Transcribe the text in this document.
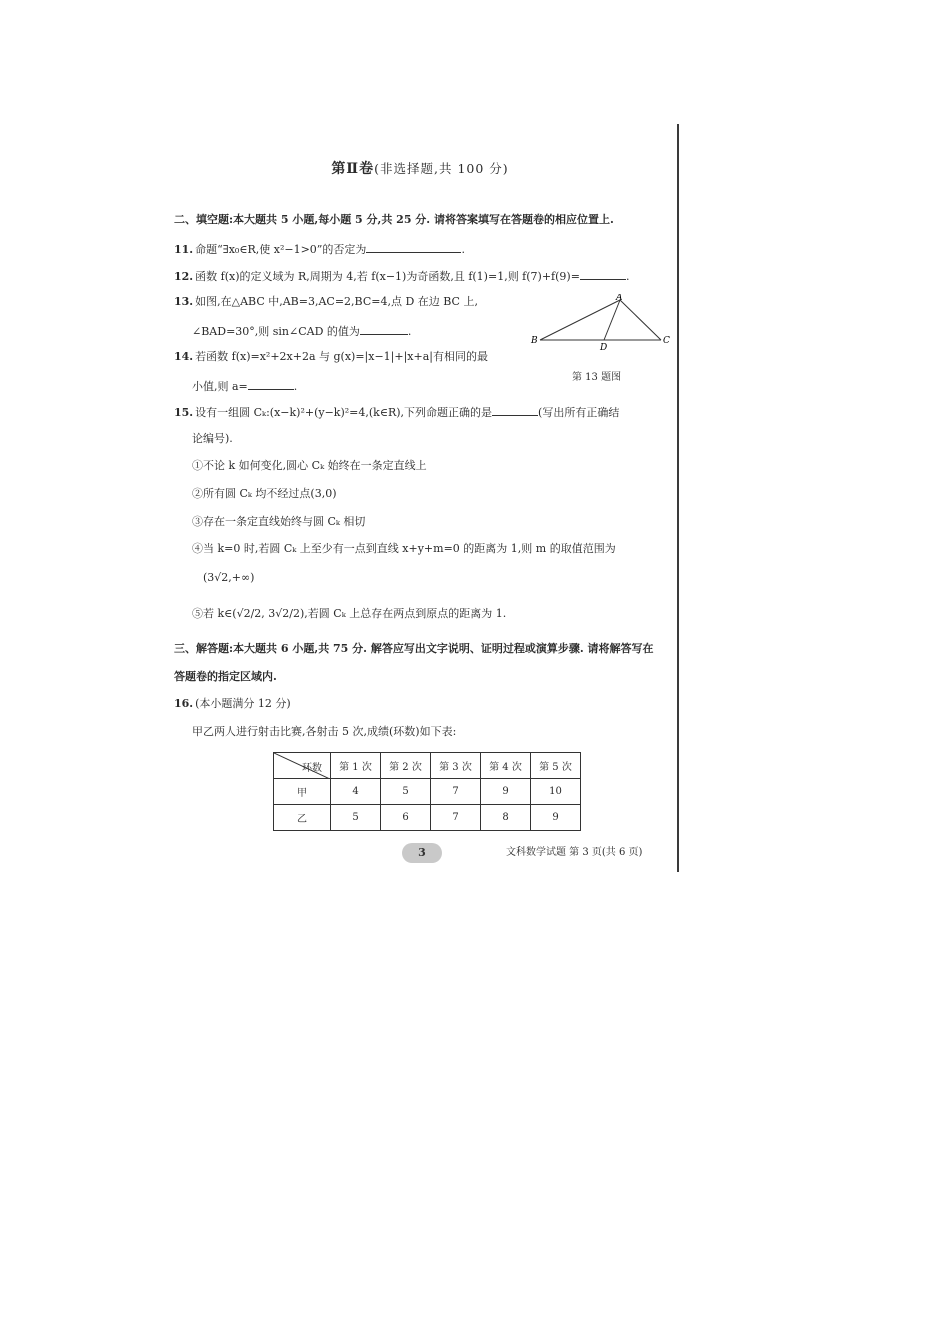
第Ⅱ卷(非选择题,共 100 分)
二、填空题:本大题共 5 小题,每小题 5 分,共 25 分. 请将答案填写在答题卷的相应位置上.
11. 命题“∃x₀∈R,使 x²−1>0”的否定为	.
12. 函数 f(x)的定义域为 R,周期为 4,若 f(x−1)为奇函数,且 f(1)=1,则 f(7)+f(9)=	.
13. 如图,在△ABC 中,AB=3,AC=2,BC=4,点 D 在边 BC 上,
∠BAD=30°,则 sin∠CAD 的值为	.
A
B	C
D
第 13 题图
14. 若函数 f(x)=x²+2x+2a 与 g(x)=|x−1|+|x+a|有相同的最
小值,则 a=	.
15. 设有一组圆 Cₖ:(x−k)²+(y−k)²=4,(k∈R),下列命题正确的是	(写出所有正确结
论编号).
①不论 k 如何变化,圆心 Cₖ 始终在一条定直线上
②所有圆 Cₖ 均不经过点(3,0)
③存在一条定直线始终与圆 Cₖ 相切
④当 k=0 时,若圆 Cₖ 上至少有一点到直线 x+y+m=0 的距离为 1,则 m 的取值范围为
(3√2,+∞)
⑤若 k∈(√2/2, 3√2/2),若圆 Cₖ 上总存在两点到原点的距离为 1.
三、解答题:本大题共 6 小题,共 75 分. 解答应写出文字说明、证明过程或演算步骤. 请将解答写在
答题卷的指定区域内.
16. (本小题满分 12 分)
甲乙两人进行射击比赛,各射击 5 次,成绩(环数)如下表:
环数	第 1 次	第 2 次	第 3 次	第 4 次	第 5 次
甲	4	5	7	9	10
乙	5	6	7	8	9
3	文科数学试题 第 3 页(共 6 页)
